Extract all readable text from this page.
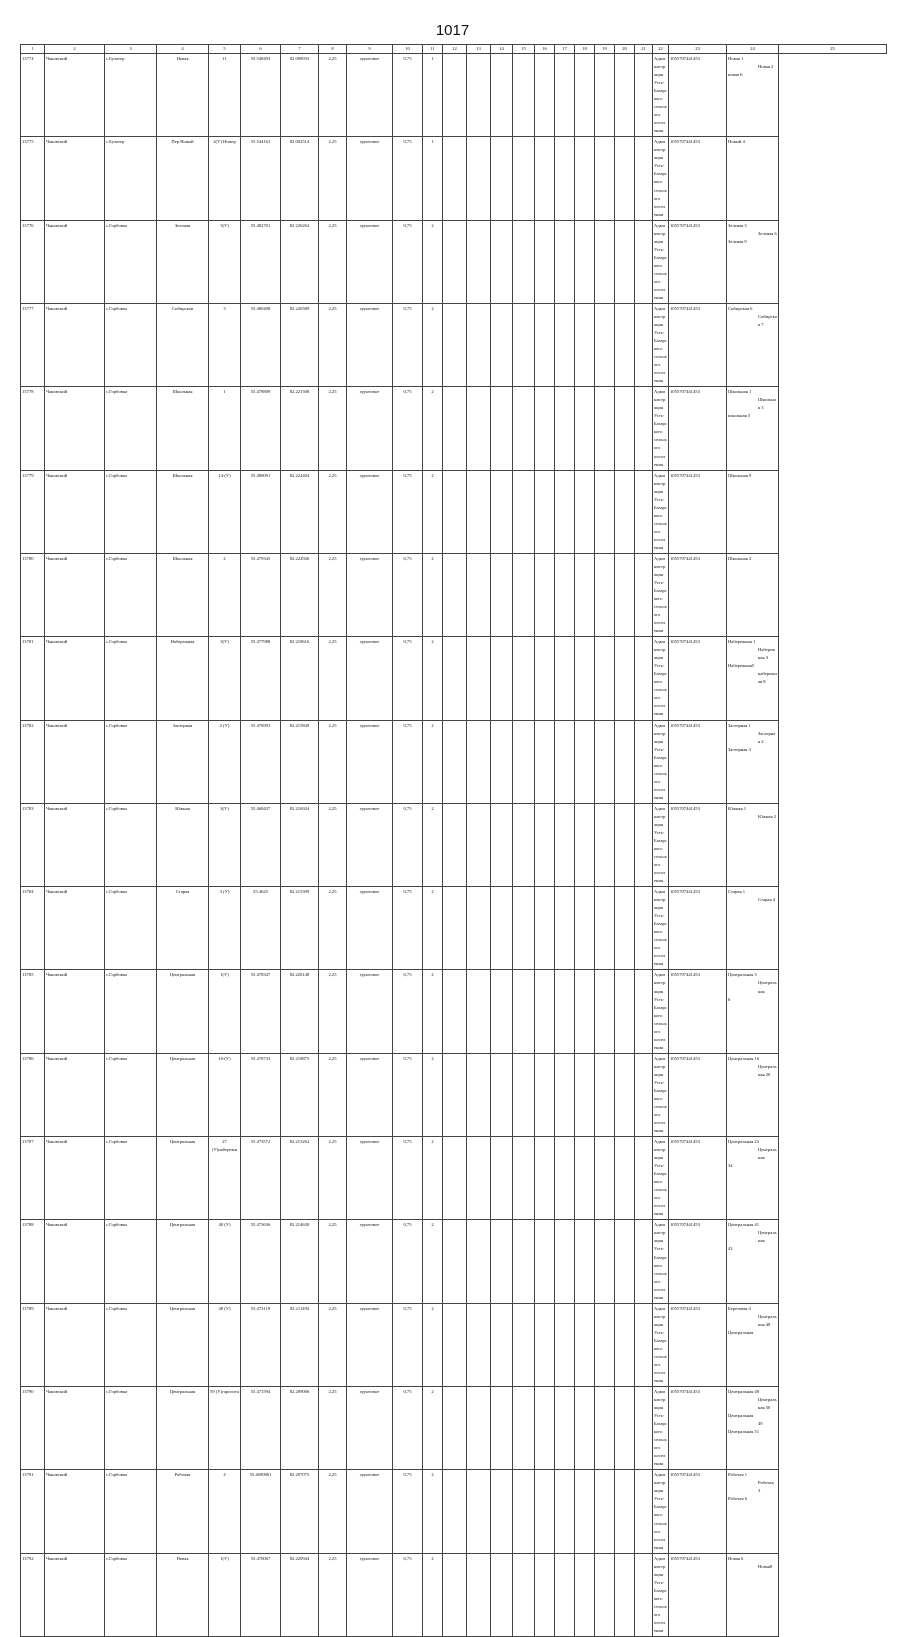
1017
1	2	3	4	5	6	7	8	9	10	11	12	13	14	15	16	17	18	19	20	21	22	23	24	25
13774	Чановский	с.Булатер	Новая	11	55.548493	82.008933	2,25	грунтовое	0,75	1											Администрация Усть-Базарского сельского поселения	1055707441453	Новая 1
Новая 2
новая 6	

13775	Чановский	с.Булатер	Пер.Новый	2(У) Номер	55.544161	82.002514	2,25	грунтовое	0,75	1											Администрация Усть-Базарского сельского поселения	1055707441453	Новый 4	

13776	Чановский	с.Горбовка	Зеленая	5(У)	55.482701	82.226262	2,25	грунтовое	0,75	2											Администрация Усть-Базарского сельского поселения	1055707441453	Зеленая 3
Зеленая 6
Зеленая 9	

13777	Чановский	с.Горбовка	Сибирская	3	55.480408	82.226589	2,25	грунтовое	0,75	2											Администрация Усть-Базарского сельского поселения	1055707441453	Сибирская 6
Сибирская 7	

13778	Чановский	с.Горбовка	Школьная	1	55.478809	82.221508	2,25	грунтовое	0,75	2											Администрация Усть-Базарского сельского поселения	1055707441453	Школьная 1
Школьная 3
школьная 5	

13779	Чановский	с.Горбовка	Школьная	14-(У)	55.480091	82.222404	2,25	грунтовое	0,75	2											Администрация Усть-Базарского сельского поселения	1055707441453	Школьная 9	

13780	Чановский	с.Горбовка	Школьная	2	55.479345	82.222926	2,25	грунтовое	0,75	2											Администрация Усть-Базарского сельского поселения	1055707441453	Школьная 2	

13781	Чановский	с.Горбовка	Набережная	3(У)	55.477988	82.218616	2,25	грунтовое	0,75	2											Администрация Усть-Базарского сельского поселения	1055707441453	Набережная 1
Набережная 3
Набережная5
набережная 8	

13782	Чановский	с.Горбовка	Заозерная	2 (У)	55.476993	82.215849	2,25	грунтовое	0,75	2											Администрация Усть-Базарского сельского поселения	1055707441453	Заозерная 1
Заозерная 2
Заозерная 3	

13783	Чановский	с.Горбовка	Южная	3(У)	55.468437	82.216924	2,25	грунтовое	0,75	2											Администрация Усть-Базарского сельского поселения	1055707441453	Южная 1
Южная 2	

13784	Чановский	с.Горбовка	Старая	3 (У)	55.4625	82.215399	2,25	грунтовое	0,75	2											Администрация Усть-Базарского сельского поселения	1055707441453	Старая 1
Старая 4	

13785	Чановский	с.Горбовка	Центральная	1(У)	55.478347	82.226148	2,25	грунтовое	0,75	2											Администрация Усть-Базарского сельского поселения	1055707441453	Центральная 3
Центральная
6	

13786	Чановский	с.Горбовка	Центральная	16-(У)	55.478733	82.218875	2,25	грунтовое	0,75	2											Администрация Усть-Базарского сельского поселения	1055707441453	Центральная 16
Центральная 20	

13787	Чановский	с.Горбовка	Центральная	27 (У)набережн	55.473572	82.213262	2,25	грунтовое	0,75	2											Администрация Усть-Базарского сельского поселения	1055707441453	Центральная 23
Центральная
34	

13788	Чановский	с.Горбовка	Центральная	40 (У)	55.473636	82.214630	2,25	грунтовое	0,75	2											Администрация Усть-Базарского сельского поселения	1055707441453	Центральная 41
Центральная
43	

13789	Чановский	с.Горбовка	Центральная	48 (У)	55.473118	82.211494	2,25	грунтовое	0,75	2											Администрация Усть-Базарского сельского поселения	1055707441453	Березовая 4
Центральная 48
Центральная	

13790	Чановский	с.Горбовка	Центральная	59 (У)гаргопта	55.471594	82.209006	2,25	грунтовое	0,75	2											Администрация Усть-Базарского сельского поселения	1055707441453	Центральная 48
Центральная 50
Центральная
49
Центральная 51	

13791	Чановский	с.Горбовка	Рабочая	4	55.4690861	82.207075	2,25	грунтовое	0,75	2											Администрация Усть-Базарского сельского поселения	1055707441453	Рабочая 1
Рабочая 3
Рабочая 6	

13792	Чановский	с.Горбовка	Новая	1(У)	55.470067	82.220944	2,25	грунтовое	0,75	2											Администрация Усть-Базарского сельского поселения	1055707441453	Новая 6
Новая8	
